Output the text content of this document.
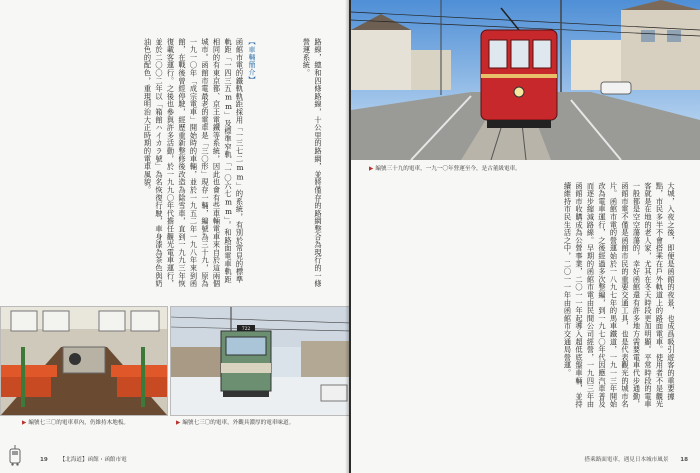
路線，總和四條路線，十公里的路網，並將僅存的路網整合為現行的一條營運系統。

【車輛簡介】

函館市電的鐵軌軌距採用「一三七二mm」的系統，有別於常見的標準軌距「一四三五mm」及標準窄軌「一〇六七mm」。和路面電車軌距相同的有東京都、京王電鐵等系統，因此也會有些車輛電車來自於這兩個城市。函館市電最老的電車是「三〇形」現存一輛，編號為三十九，原為一九一〇年「成宗電車」開始時的車輛，並於一九五二年一九八年來到函館，在戰後曾經停駛，經歷重新整修後改造為除雪車，直到一九九三年恢復載客運行。之後也參與許多活動，於一九九〇年代擔任觀光電車運行，並於二〇〇二年以「箱館ハイカラ號」為名恢復行駛，車身漆為茶色與奶油色的配色，重現明治大正時期的電車風貌。

722
▶ 編號七三〇的電車車內，仍維持木地板。	▶ 編號七三〇的電車，外觀具濃厚的電車味道。
19 【北海道】函館・函館市電
▶ 編號三十九的電車，一九一〇年營運至今，是古董級電車。

大城，入夜之後，即便是函館的夜景，也成爲吸引遊客的重要據點，市民多半不會搭乘在戶外軌道上的路面電車。使用者不是觀光客就是在地的老人家，尤其在冬天時段更加明顯。平常時段的電車一般都是空空蕩蕩的，幸好函館還有許多地方需要電車代步通勤，函館市電不僅是函館市民的重要交通工具，也是代表觀光的城市名片。函館市電的營運始於一八九七年的馬車鐵道，一九一三年開始改為電車運行，之後經過多次整編，到一九七〇年代因應汽車普及而逐步縮減路線。早期的函館市電由民間公司經營，一九四三年由函館市收購成為公營事業，二〇一一年起導入超低底盤車輛，並持續維持市民生活之中，二〇一一年由函館市交通局營運。

搭乘路面電車，遇見日本城市風景 18
